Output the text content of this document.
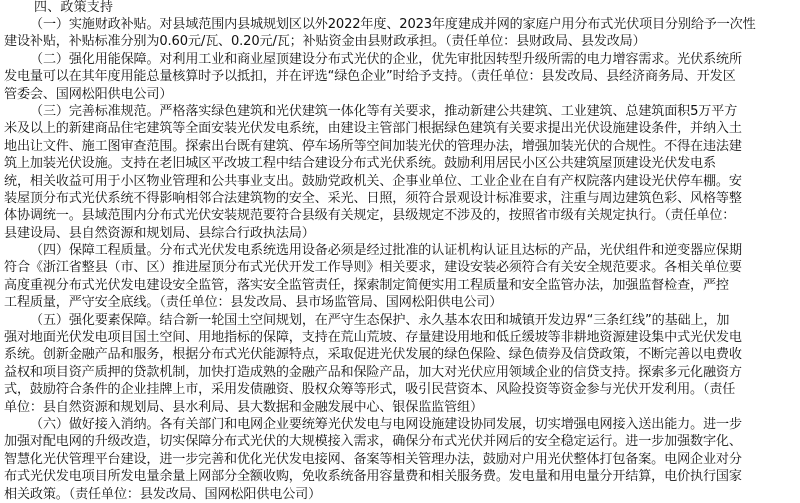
四、政策支持
（一）实施财政补贴。对县域范围内县城规划区以外2022年度、2023年度建成并网的家庭户用分布式光伏项目分别给予一次性
建设补贴，补贴标准分别为0.60元/瓦、0.20元/瓦；补贴资金由县财政承担。（责任单位：县财政局、县发改局）
（二）强化用能保障。对利用工业和商业屋顶建设分布式光伏的企业，优先审批因转型升级所需的电力增容需求。光伏系统所
发电量可以在其年度用能总量核算时予以抵扣，并在评选“绿色企业”时给予支持。（责任单位：县发改局、县经济商务局、开发区
管委会、国网松阳供电公司）
（三）完善标准规范。严格落实绿色建筑和光伏建筑一体化等有关要求，推动新建公共建筑、工业建筑、总建筑面积5万平方
米及以上的新建商品住宅建筑等全面安装光伏发电系统，由建设主管部门根据绿色建筑有关要求提出光伏设施建设条件，并纳入土
地出让文件、施工图审查范围。探索出台既有建筑、停车场所等空间加装光伏的管理办法，增强加装光伏的合规性。不得在违法建
筑上加装光伏设施。支持在老旧城区平改坡工程中结合建设分布式光伏系统。鼓励利用居民小区公共建筑屋顶建设光伏发电系
统，相关收益可用于小区物业管理和公共事业支出。鼓励党政机关、企事业单位、工业企业在自有产权院落内建设光伏停车棚。安
装屋顶分布式光伏系统不得影响相邻合法建筑物的安全、采光、日照，须符合景观设计标准要求，注重与周边建筑色彩、风格等整
体协调统一。县域范围内分布式光伏安装规范要符合县级有关规定，县级规定不涉及的，按照省市级有关规定执行。（责任单位：
县建设局、县自然资源和规划局、县综合行政执法局）
（四）保障工程质量。分布式光伏发电系统选用设备必须是经过批准的认证机构认证且达标的产品，光伏组件和逆变器应保期
符合《浙江省整县（市、区）推进屋顶分布式光伏开发工作导则》相关要求，建设安装必须符合有关安全规范要求。各相关单位要
高度重视分布式光伏发电建设安全监管，落实安全监管责任，探索制定简便实用工程质量和安全监管办法，加强监督检查，严控
工程质量，严守安全底线。（责任单位：县发改局、县市场监管局、国网松阳供电公司）
（五）强化要素保障。结合新一轮国土空间规划，在严守生态保护、永久基本农田和城镇开发边界“三条红线”的基础上，加
强对地面光伏发电项目国土空间、用地指标的保障，支持在荒山荒坡、存量建设用地和低丘缓坡等非耕地资源建设集中式光伏发电
系统。创新金融产品和服务，根据分布式光伏能源特点，采取促进光伏发展的绿色保险、绿色债券及信贷政策，不断完善以电费收
益权和项目资产质押的贷款机制，加快打造成熟的金融产品和保险产品，加大对光伏应用领域企业的信贷支持。探索多元化融资方
式，鼓励符合条件的企业挂牌上市，采用发债融资、股权众筹等形式，吸引民营资本、风险投资等资金参与光伏开发利用。（责任
单位：县自然资源和规划局、县水利局、县大数据和金融发展中心、银保监监管组）
（六）做好接入消纳。各有关部门和电网企业要统筹光伏发电与电网设施建设协同发展，切实增强电网接入送出能力。进一步
加强对配电网的升级改造，切实保障分布式光伏的大规模接入需求，确保分布式光伏并网后的安全稳定运行。进一步加强数字化、
智慧化光伏管理平台建设，进一步完善和优化光伏发电接网、备案等相关管理办法，鼓励对户用光伏整体打包备案。电网企业对分
布式光伏发电项目所发电量余量上网部分全额收购，免收系统备用容量费和相关服务费。发电量和用电量分开结算，电价执行国家
相关政策。（责任单位：县发改局、国网松阳供电公司）
